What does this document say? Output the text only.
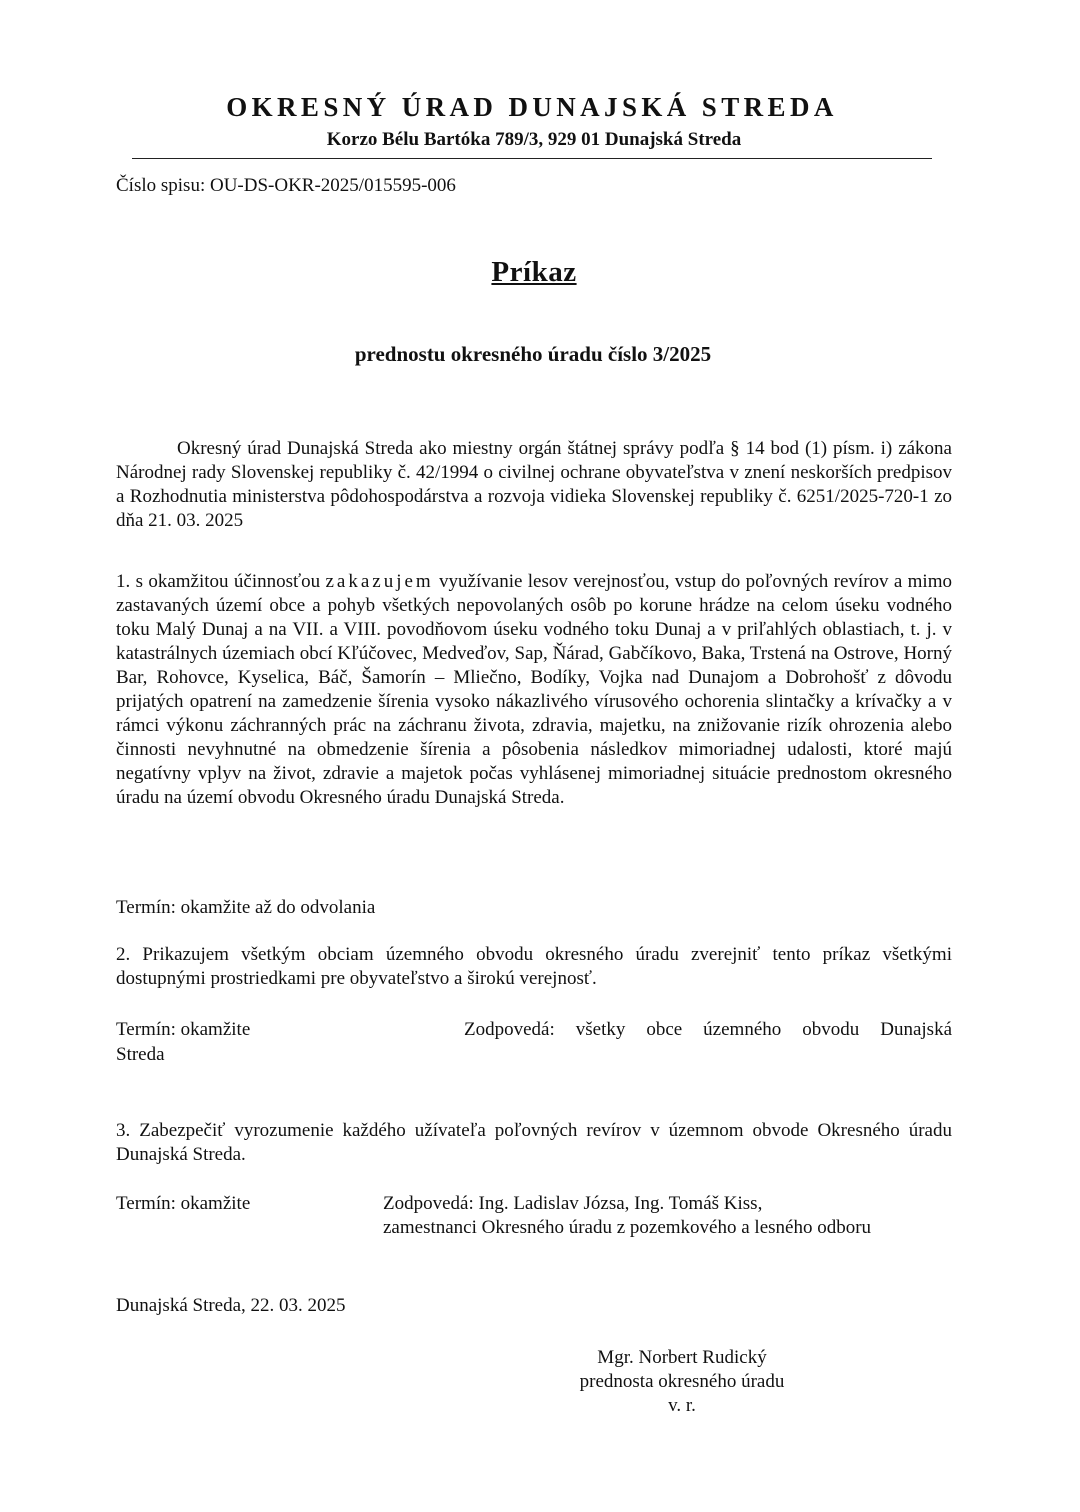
OKRESNÝ ÚRAD DUNAJSKÁ STREDA
Korzo Bélu Bartóka 789/3, 929 01 Dunajská Streda
Číslo spisu: OU-DS-OKR-2025/015595-006
Príkaz
prednostu okresného úradu číslo 3/2025
Okresný úrad Dunajská Streda ako miestny orgán štátnej správy podľa § 14 bod (1) písm. i) zákona Národnej rady Slovenskej republiky č. 42/1994 o civilnej ochrane obyvateľstva v znení neskorších predpisov a Rozhodnutia ministerstva pôdohospodárstva a rozvoja vidieka Slovenskej republiky č. 6251/2025-720-1 zo dňa 21. 03. 2025
1. s okamžitou účinnosťou zakazujem využívanie lesov verejnosťou, vstup do poľovných revírov a mimo zastavaných území obce a pohyb všetkých nepovolaných osôb po korune hrádze na celom úseku vodného toku Malý Dunaj a na VII. a VIII. povodňovom úseku vodného toku Dunaj a v priľahlých oblastiach, t. j. v katastrálnych územiach obcí Kľúčovec, Medveďov, Sap, Ňárad, Gabčíkovo, Baka, Trstená na Ostrove, Horný Bar, Rohovce, Kyselica, Báč, Šamorín – Mliečno, Bodíky, Vojka nad Dunajom a Dobrohošť z dôvodu prijatých opatrení na zamedzenie šírenia vysoko nákazlivého vírusového ochorenia slintačky a krívačky a v rámci výkonu záchranných prác na záchranu života, zdravia, majetku, na znižovanie rizík ohrozenia alebo činnosti nevyhnutné na obmedzenie šírenia a pôsobenia následkov mimoriadnej udalosti, ktoré majú negatívny vplyv na život, zdravie a majetok počas vyhlásenej mimoriadnej situácie prednostom okresného úradu na území obvodu Okresného úradu Dunajská Streda.
Termín: okamžite až do odvolania
2. Prikazujem všetkým obciam územného obvodu okresného úradu zverejniť tento príkaz všetkými dostupnými prostriedkami pre obyvateľstvo a širokú verejnosť.
Termín: okamžite	Zodpovedá: všetky obce územného obvodu Dunajská
Streda
3. Zabezpečiť vyrozumenie každého užívateľa poľovných revírov v územnom obvode Okresného úradu Dunajská Streda.
Termín: okamžite	Zodpovedá: Ing. Ladislav Józsa, Ing. Tomáš Kiss,
zamestnanci Okresného úradu z pozemkového a lesného odboru
Dunajská Streda, 22. 03. 2025
Mgr. Norbert Rudický
prednosta okresného úradu
v. r.
